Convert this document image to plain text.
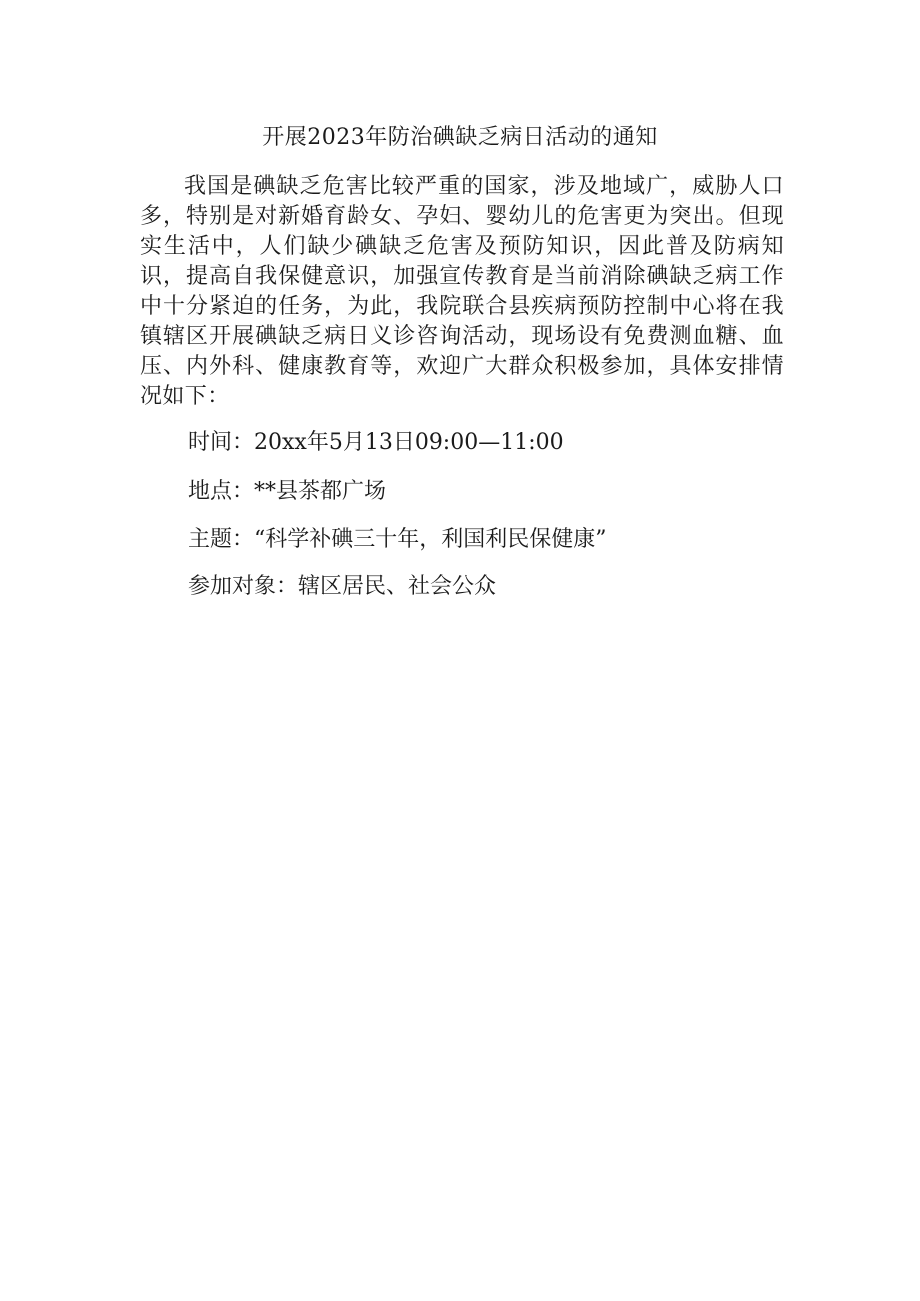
开展2023年防治碘缺乏病日活动的通知

我国是碘缺乏危害比较严重的国家，涉及地域广，威胁人口多，特别是对新婚育龄女、孕妇、婴幼儿的危害更为突出。但现实生活中，人们缺少碘缺乏危害及预防知识，因此普及防病知识，提高自我保健意识，加强宣传教育是当前消除碘缺乏病工作中十分紧迫的任务，为此，我院联合县疾病预防控制中心将在我镇辖区开展碘缺乏病日义诊咨询活动，现场设有免费测血糖、血压、内外科、健康教育等，欢迎广大群众积极参加，具体安排情况如下：

时间：20xx年5月13日09:00—11:00

地点：**县茶都广场

主题：“科学补碘三十年，利国利民保健康”

参加对象：辖区居民、社会公众
